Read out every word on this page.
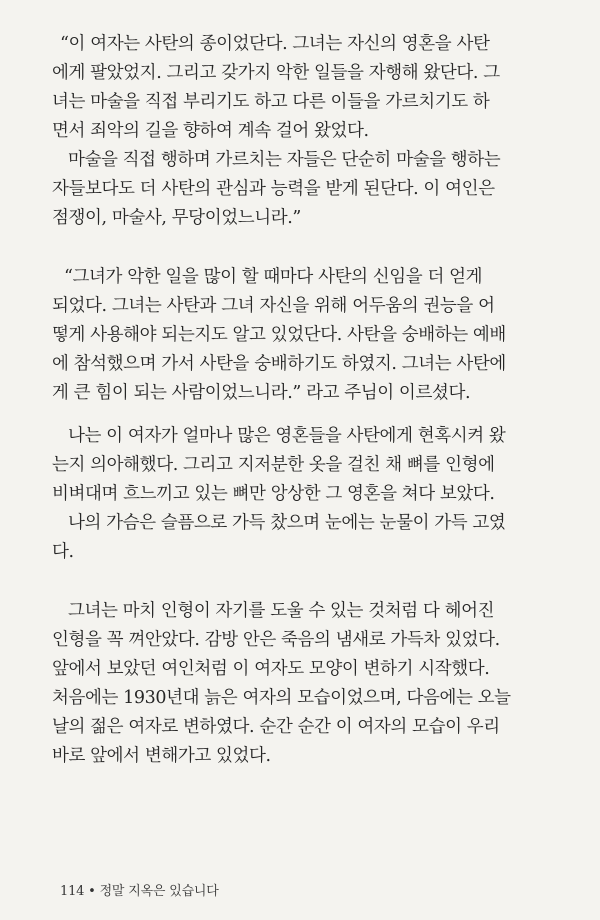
“이 여자는 사탄의 종이었단다. 그녀는 자신의 영혼을 사탄
에게 팔았었지. 그리고 갖가지 악한 일들을 자행해 왔단다. 그
녀는 마술을 직접 부리기도 하고 다른 이들을 가르치기도 하
면서 죄악의 길을 향하여 계속 걸어 왔었다.

마술을 직접 행하며 가르치는 자들은 단순히 마술을 행하는
자들보다도 더 사탄의 관심과 능력을 받게 된단다. 이 여인은
점쟁이, 마술사, 무당이었느니라.”

“그녀가 악한 일을 많이 할 때마다 사탄의 신임을 더 얻게
되었다. 그녀는 사탄과 그녀 자신을 위해 어두움의 권능을 어
떻게 사용해야 되는지도 알고 있었단다. 사탄을 숭배하는 예배
에 참석했으며 가서 사탄을 숭배하기도 하였지. 그녀는 사탄에
게 큰 힘이 되는 사람이었느니라.” 라고 주님이 이르셨다.

나는 이 여자가 얼마나 많은 영혼들을 사탄에게 현혹시켜 왔
는지 의아해했다. 그리고 지저분한 옷을 걸친 채 뼈를 인형에
비벼대며 흐느끼고 있는 뼈만 앙상한 그 영혼을 쳐다 보았다.

나의 가슴은 슬픔으로 가득 찼으며 눈에는 눈물이 가득 고였
다.

그녀는 마치 인형이 자기를 도울 수 있는 것처럼 다 헤어진
인형을 꼭 껴안았다. 감방 안은 죽음의 냄새로 가득차 있었다.
앞에서 보았던 여인처럼 이 여자도 모양이 변하기 시작했다.
처음에는 1930년대 늙은 여자의 모습이었으며, 다음에는 오늘
날의 젊은 여자로 변하였다. 순간 순간 이 여자의 모습이 우리
바로 앞에서 변해가고 있었다.

114 • 정말 지옥은 있습니다
